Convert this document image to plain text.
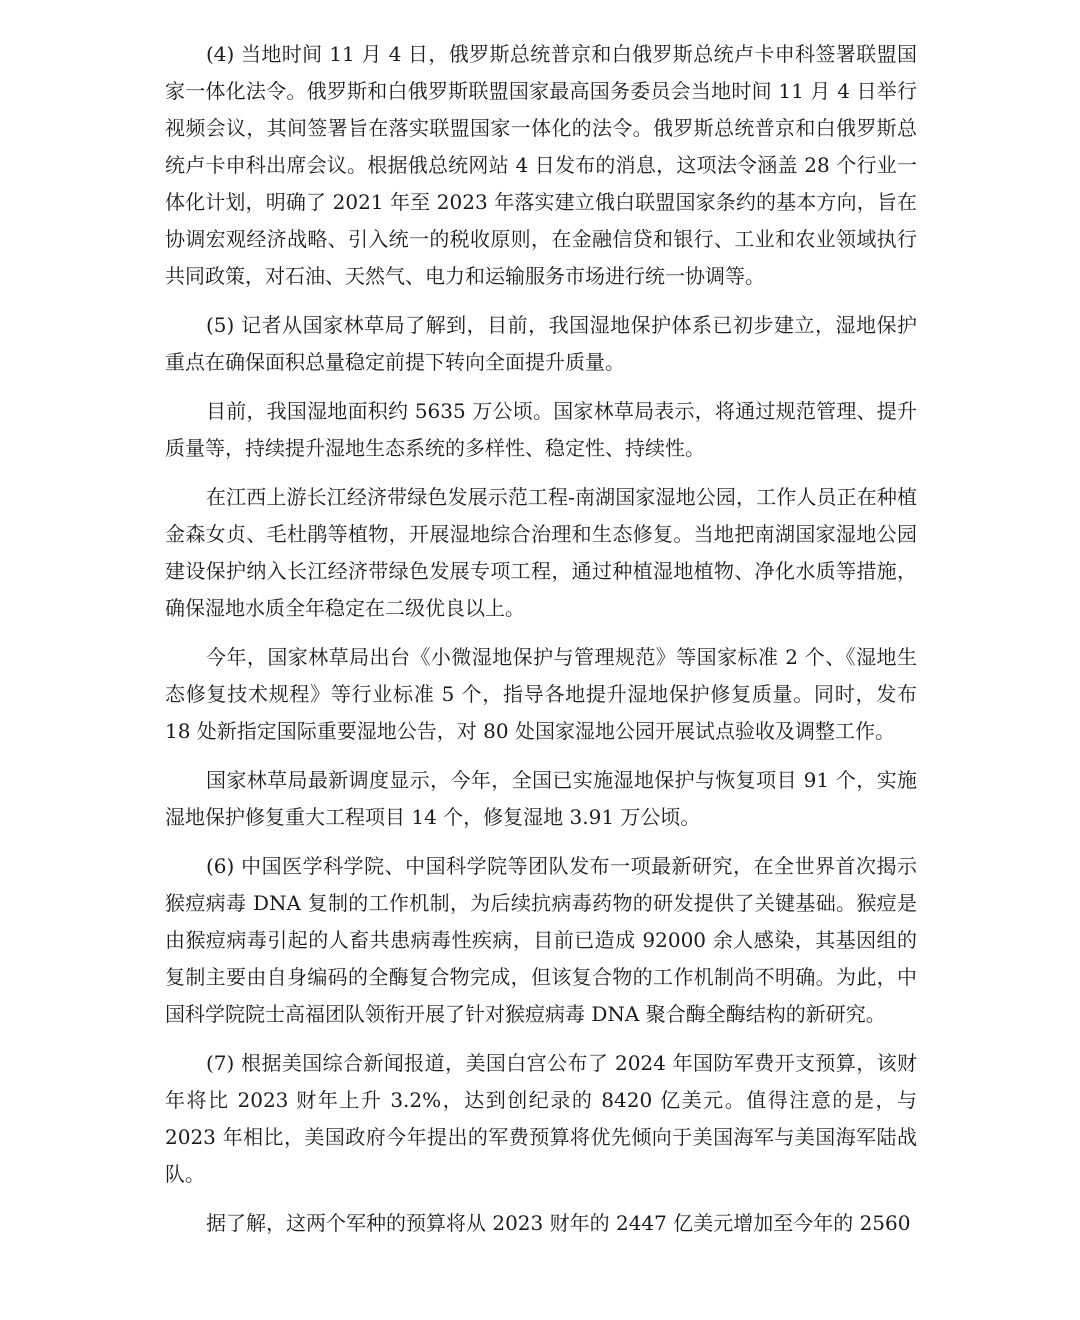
(4) 当地时间 11 月 4 日，俄罗斯总统普京和白俄罗斯总统卢卡申科签署联盟国家一体化法令。俄罗斯和白俄罗斯联盟国家最高国务委员会当地时间 11 月 4 日举行视频会议，其间签署旨在落实联盟国家一体化的法令。俄罗斯总统普京和白俄罗斯总统卢卡申科出席会议。根据俄总统网站 4 日发布的消息，这项法令涵盖 28 个行业一体化计划，明确了 2021 年至 2023 年落实建立俄白联盟国家条约的基本方向，旨在协调宏观经济战略、引入统一的税收原则，在金融信贷和银行、工业和农业领域执行共同政策，对石油、天然气、电力和运输服务市场进行统一协调等。

(5) 记者从国家林草局了解到，目前，我国湿地保护体系已初步建立，湿地保护重点在确保面积总量稳定前提下转向全面提升质量。

目前，我国湿地面积约 5635 万公顷。国家林草局表示，将通过规范管理、提升质量等，持续提升湿地生态系统的多样性、稳定性、持续性。

在江西上游长江经济带绿色发展示范工程-南湖国家湿地公园，工作人员正在种植金森女贞、毛杜鹃等植物，开展湿地综合治理和生态修复。当地把南湖国家湿地公园建设保护纳入长江经济带绿色发展专项工程，通过种植湿地植物、净化水质等措施，确保湿地水质全年稳定在二级优良以上。

今年，国家林草局出台《小微湿地保护与管理规范》等国家标准 2 个、《湿地生态修复技术规程》等行业标准 5 个，指导各地提升湿地保护修复质量。同时，发布 18 处新指定国际重要湿地公告，对 80 处国家湿地公园开展试点验收及调整工作。

国家林草局最新调度显示，今年，全国已实施湿地保护与恢复项目 91 个，实施湿地保护修复重大工程项目 14 个，修复湿地 3.91 万公顷。

(6) 中国医学科学院、中国科学院等团队发布一项最新研究，在全世界首次揭示猴痘病毒 DNA 复制的工作机制，为后续抗病毒药物的研发提供了关键基础。猴痘是由猴痘病毒引起的人畜共患病毒性疾病，目前已造成 92000 余人感染，其基因组的复制主要由自身编码的全酶复合物完成，但该复合物的工作机制尚不明确。为此，中国科学院院士高福团队领衔开展了针对猴痘病毒 DNA 聚合酶全酶结构的新研究。

(7) 根据美国综合新闻报道，美国白宫公布了 2024 年国防军费开支预算，该财年将比 2023 财年上升 3.2%，达到创纪录的 8420 亿美元。值得注意的是，与 2023 年相比，美国政府今年提出的军费预算将优先倾向于美国海军与美国海军陆战队。

据了解，这两个军种的预算将从 2023 财年的 2447 亿美元增加至今年的 2560
